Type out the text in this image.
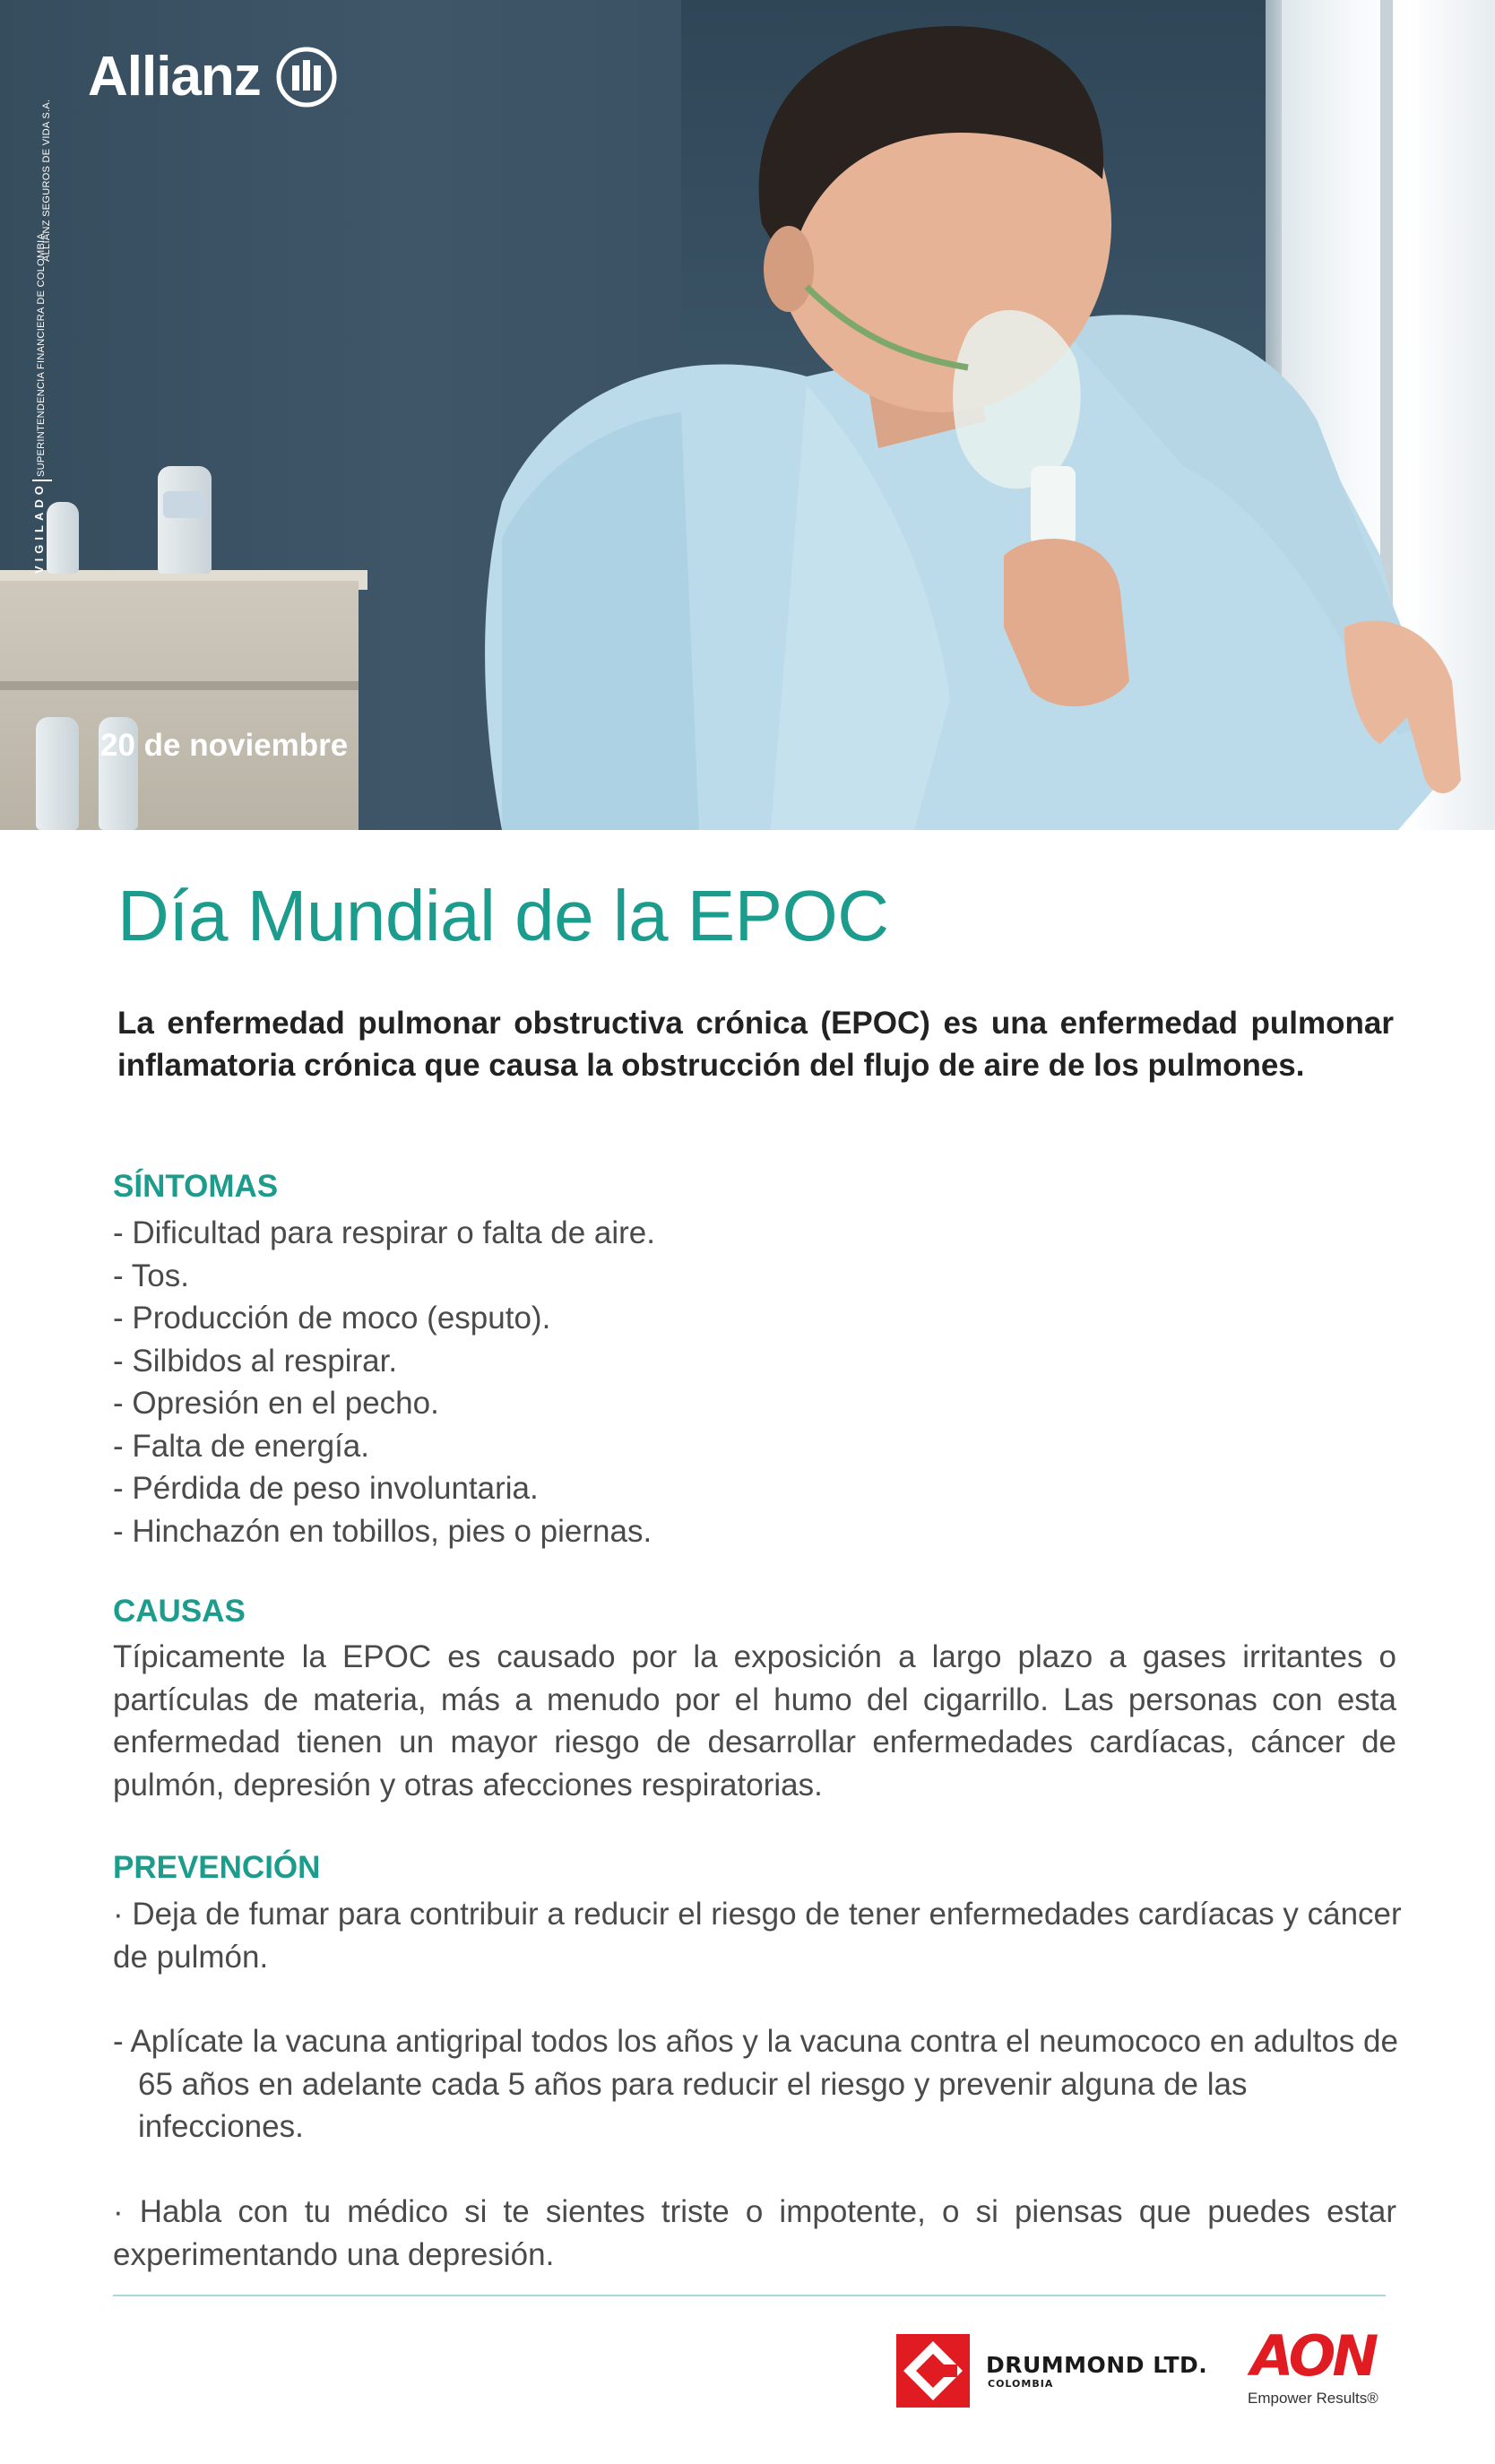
Allianz
ALLIANZ SEGUROS DE VIDA S.A.
SUPERINTENDENCIA FINANCIERA DE COLOMBIA
VIGILADO
20 de noviembre
Día Mundial de la EPOC

La enfermedad pulmonar obstructiva crónica (EPOC) es una enfermedad pulmonar inflamatoria crónica que causa la obstrucción del flujo de aire de los pulmones.

SÍNTOMAS
- Dificultad para respirar o falta de aire.
- Tos.
- Producción de moco (esputo).
- Silbidos al respirar.
- Opresión en el pecho.
- Falta de energía.
- Pérdida de peso involuntaria.
- Hinchazón en tobillos, pies o piernas.
CAUSAS

Típicamente la EPOC es causado por la exposición a largo plazo a gases irritantes o partículas de materia, más a menudo por el humo del cigarrillo. Las personas con esta enfermedad tienen un mayor riesgo de desarrollar enfermedades cardíacas, cáncer de pulmón, depresión y otras afecciones respiratorias.

PREVENCIÓN

· Deja de fumar para contribuir a reducir el riesgo de tener enfermedades cardíacas y cáncer de pulmón.

- Aplícate la vacuna antigripal todos los años y la vacuna contra el neumococo en adultos de 65 años en adelante cada 5 años para reducir el riesgo y prevenir alguna de las infecciones.

· Habla con tu médico si te sientes triste o impotente, o si piensas que puedes estar experimentando una depresión.

DRUMMOND LTD.
COLOMBIA	AON
Empower Results®
